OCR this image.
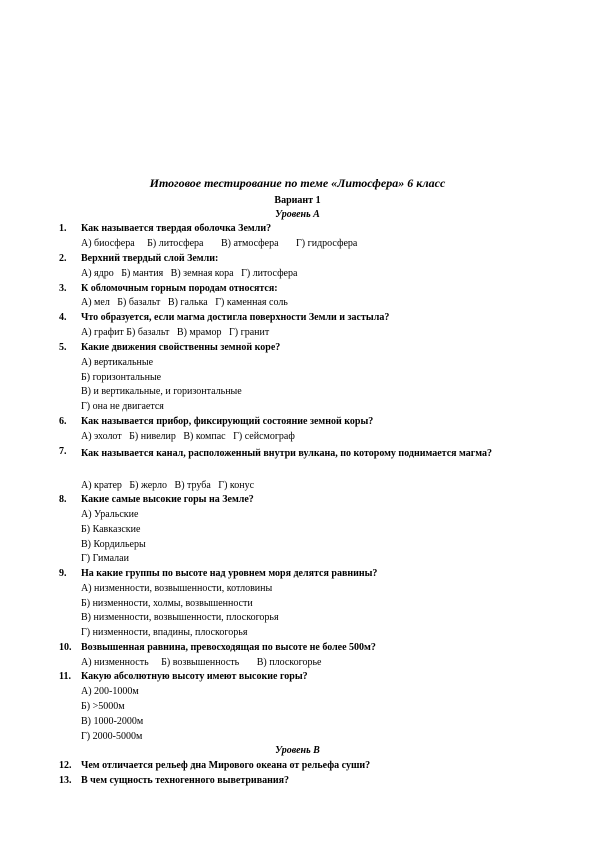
Итоговое тестирование по теме «Литосфера» 6 класс
Вариант 1
Уровень А
1. Как называется твердая оболочка Земли?
А) биосфера     Б) литосфера       В) атмосфера       Г) гидросфера
2. Верхний твердый слой Земли:
А) ядро   Б) мантия   В) земная кора   Г) литосфера
3. К обломочным горным породам относятся:
А) мел   Б) базальт   В) галька   Г) каменная соль
4. Что образуется, если магма достигла поверхности Земли и застыла?
А) графит Б) базальт   В) мрамор   Г) гранит
5. Какие движения свойственны земной коре?
А) вертикальные
Б) горизонтальные
В) и вертикальные, и горизонтальные
Г) она не двигается
6. Как называется прибор, фиксирующий состояние земной коры?
А) эхолот   Б) нивелир   В) компас   Г) сейсмограф
7. Как называется канал, расположенный внутри вулкана, по которому поднимается магма?
А) кратер   Б) жерло   В) труба   Г) конус
8. Какие самые высокие горы на Земле?
А) Уральские
Б) Кавказские
В) Кордильеры
Г) Гималаи
9. На какие группы по высоте над уровнем моря делятся равнины?
А) низменности, возвышенности, котловины
Б) низменности, холмы, возвышенности
В) низменности, возвышенности, плоскогорья
Г) низменности, впадины, плоскогорья
10. Возвышенная равнина, превосходящая по высоте не более 500м?
А) низменность     Б) возвышенность       В) плоскогорье
11. Какую абсолютную высоту имеют высокие горы?
А) 200-1000м
Б) >5000м
В) 1000-2000м
Г) 2000-5000м
Уровень В
12. Чем отличается рельеф дна Мирового океана от рельефа суши?
13. В чем сущность техногенного выветривания?
